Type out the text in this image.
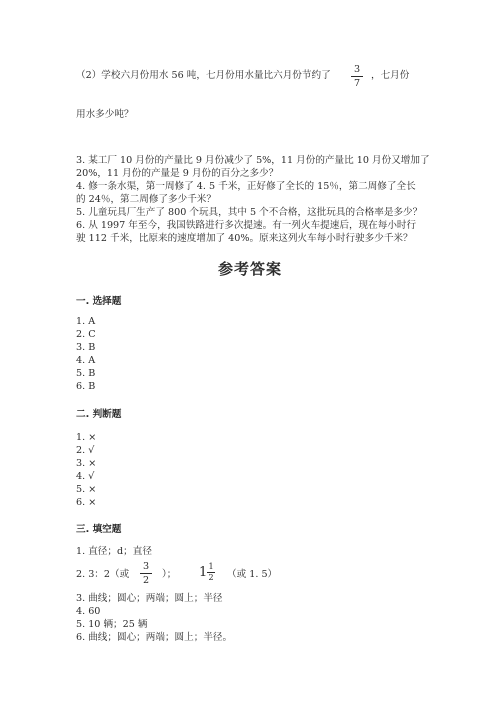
（2）学校六月份用水 56 吨，七月份用水量比六月份节约了
3
7
，七月份
用水多少吨？
3. 某工厂 10 月份的产量比 9 月份减少了 5%，11 月份的产量比 10 月份又增加了
20%，11 月份的产量是 9 月份的百分之多少？
4. 修一条水渠，第一周修了 4. 5 千米，正好修了全长的 15％，第二周修了全长
的 24％，第二周修了多少千米？
5. 儿童玩具厂生产了 800 个玩具，其中 5 个不合格，这批玩具的合格率是多少？
6. 从 1997 年至今，我国铁路进行多次提速。有一列火车提速后，现在每小时行
驶 112 千米，比原来的速度增加了 40%。原来这列火车每小时行驶多少千米？
参考答案
一. 选择题
1. A
2. C
3. B
4. A
5. B
6. B
二. 判断题
1. ×
2. √
3. ×
4. √
5. ×
6. ×
三. 填空题
1. 直径；d；直径
2. 3：2（或
3
2
）； 1 1
2 （或 1. 5）
3. 曲线；圆心；两端；圆上；半径
4. 60
5. 10 辆；25 辆
6. 曲线；圆心；两端；圆上；半径。
